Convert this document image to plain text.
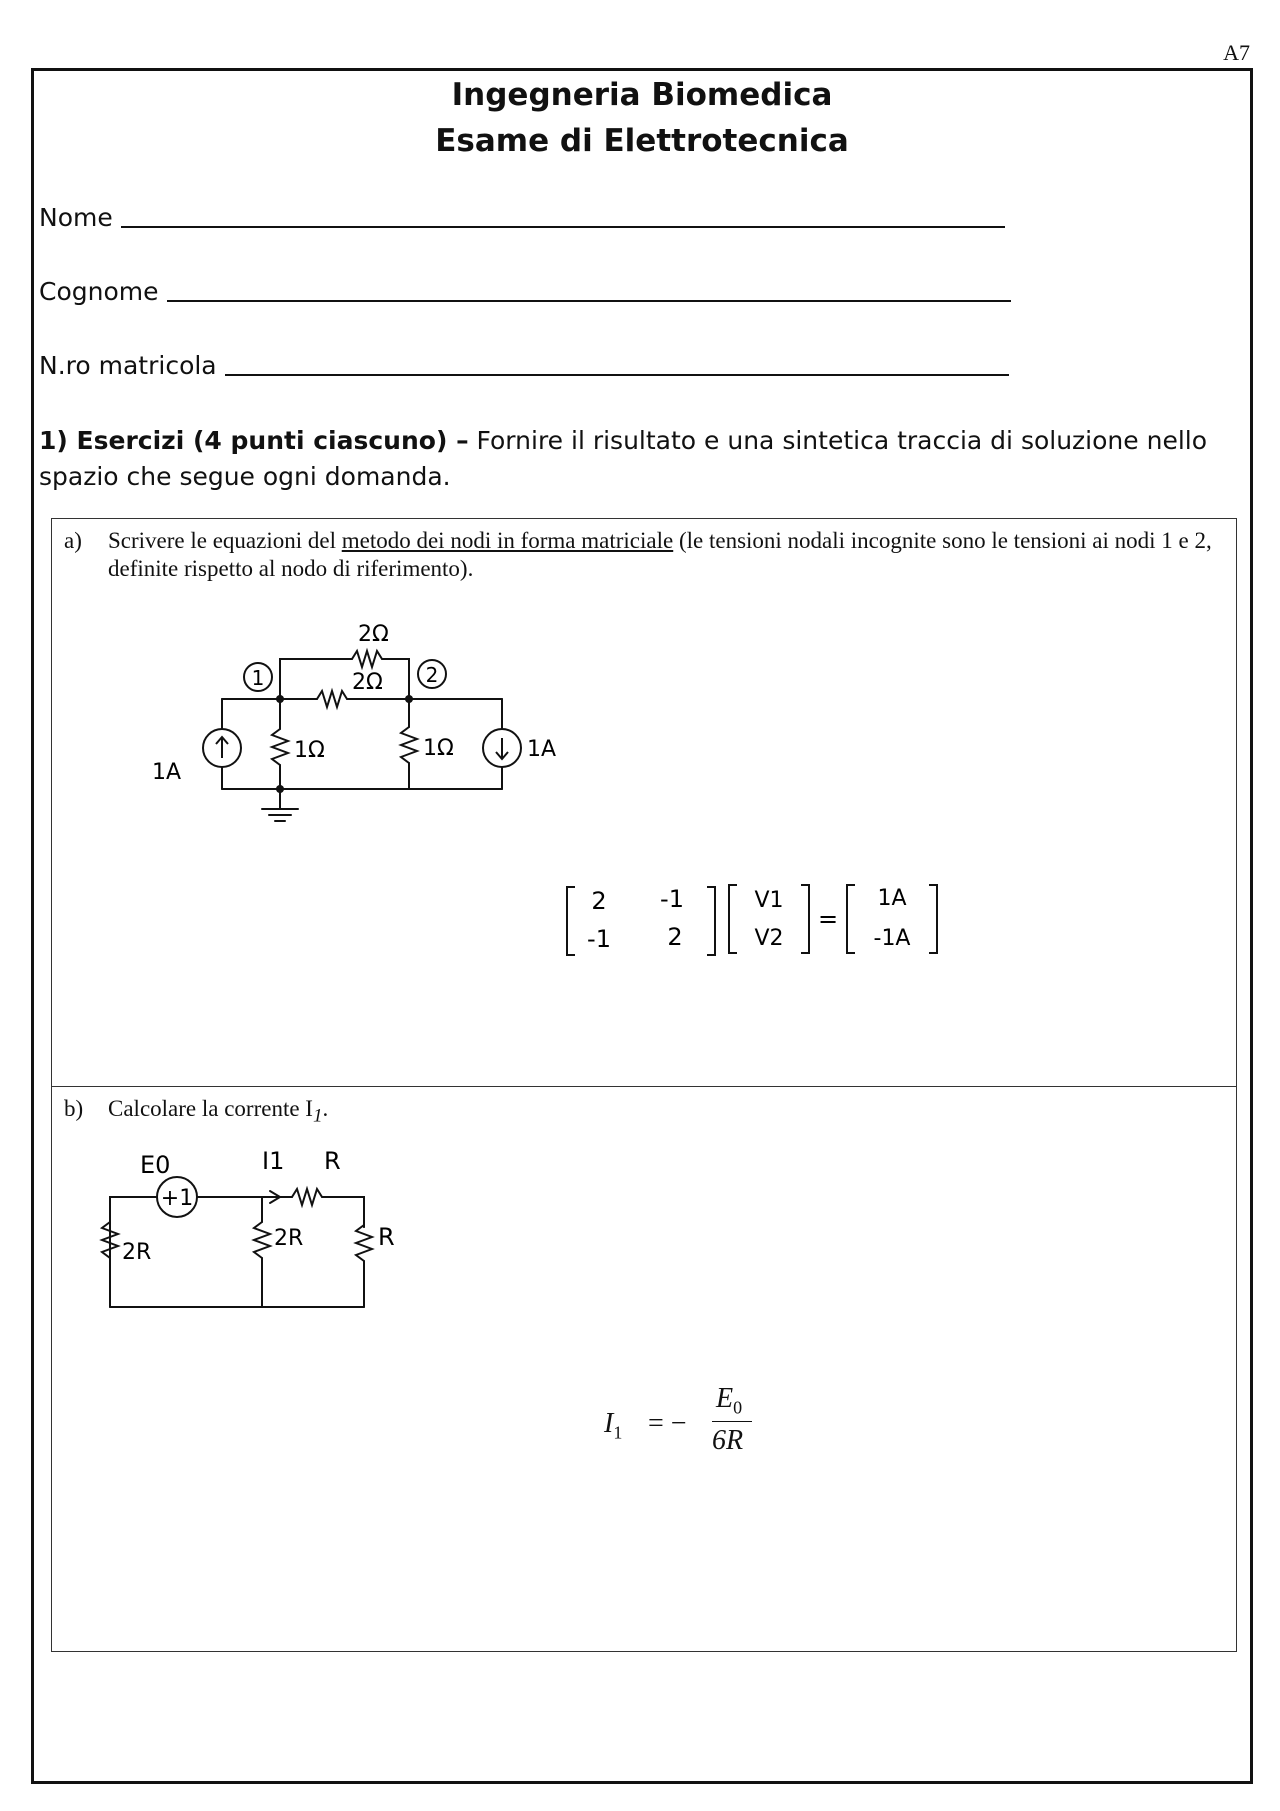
A7
Ingegneria Biomedica
Esame di Elettrotecnica
Nome
Cognome
N.ro matricola
1) Esercizi (4 punti ciascuno) – Fornire il risultato e una sintetica traccia di soluzione nello spazio che segue ogni domanda.
a)	Scrivere le equazioni del metodo dei nodi in forma matriciale (le tensioni nodali incognite sono le tensioni ai nodi 1 e 2, definite rispetto al nodo di riferimento).
1	2
2Ω
2Ω
1Ω	1Ω
1A
1A
2 -1
-1 2
V1
V2
=
1A
-1A
b)	Calcolare la corrente $I_1$.
+1
E0	I1 R
2R
2R	R
$I_1$ = −
$E_0$
6R
